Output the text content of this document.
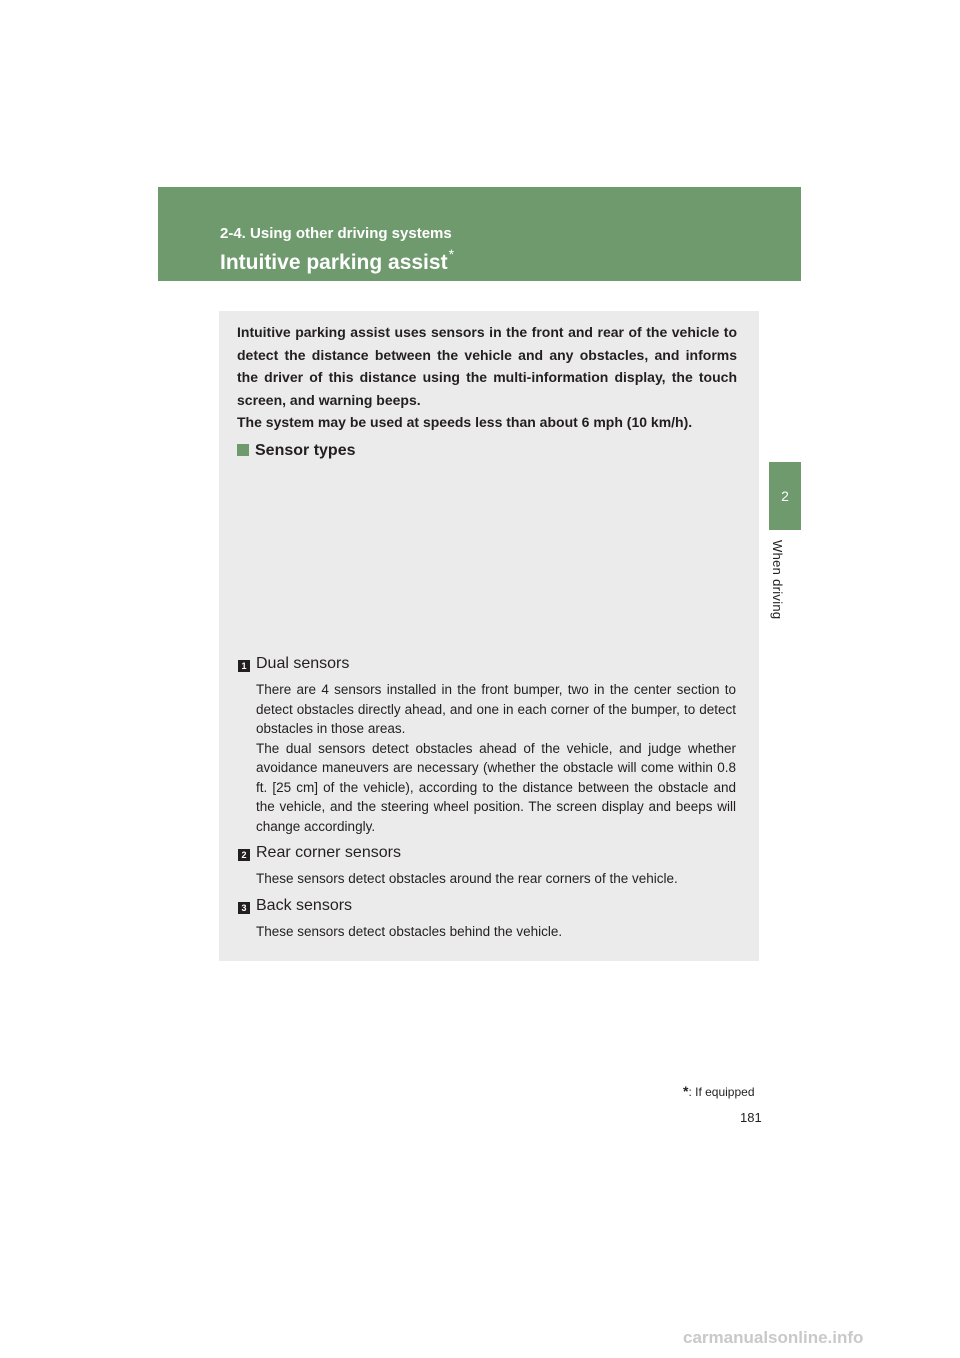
2-4. Using other driving systems
Intuitive parking assist*
2
When driving

Intuitive parking assist uses sensors in the front and rear of the vehicle to detect the distance between the vehicle and any obstacles, and informs the driver of this distance using the multi-information display, the touch screen, and warning beeps.

The system may be used at speeds less than about 6 mph (10 km/h).

Sensor types
1 Dual sensors

There are 4 sensors installed in the front bumper, two in the center section to detect obstacles directly ahead, and one in each corner of the bumper, to detect obstacles in those areas.

The dual sensors detect obstacles ahead of the vehicle, and judge whether avoidance maneuvers are necessary (whether the obstacle will come within 0.8 ft. [25 cm] of the vehicle), according to the distance between the obstacle and the vehicle, and the steering wheel position. The screen display and beeps will change accordingly.

2 Rear corner sensors

These sensors detect obstacles around the rear corners of the vehicle.

3 Back sensors

These sensors detect obstacles behind the vehicle.

*: If equipped
181
carmanualsonline.info
